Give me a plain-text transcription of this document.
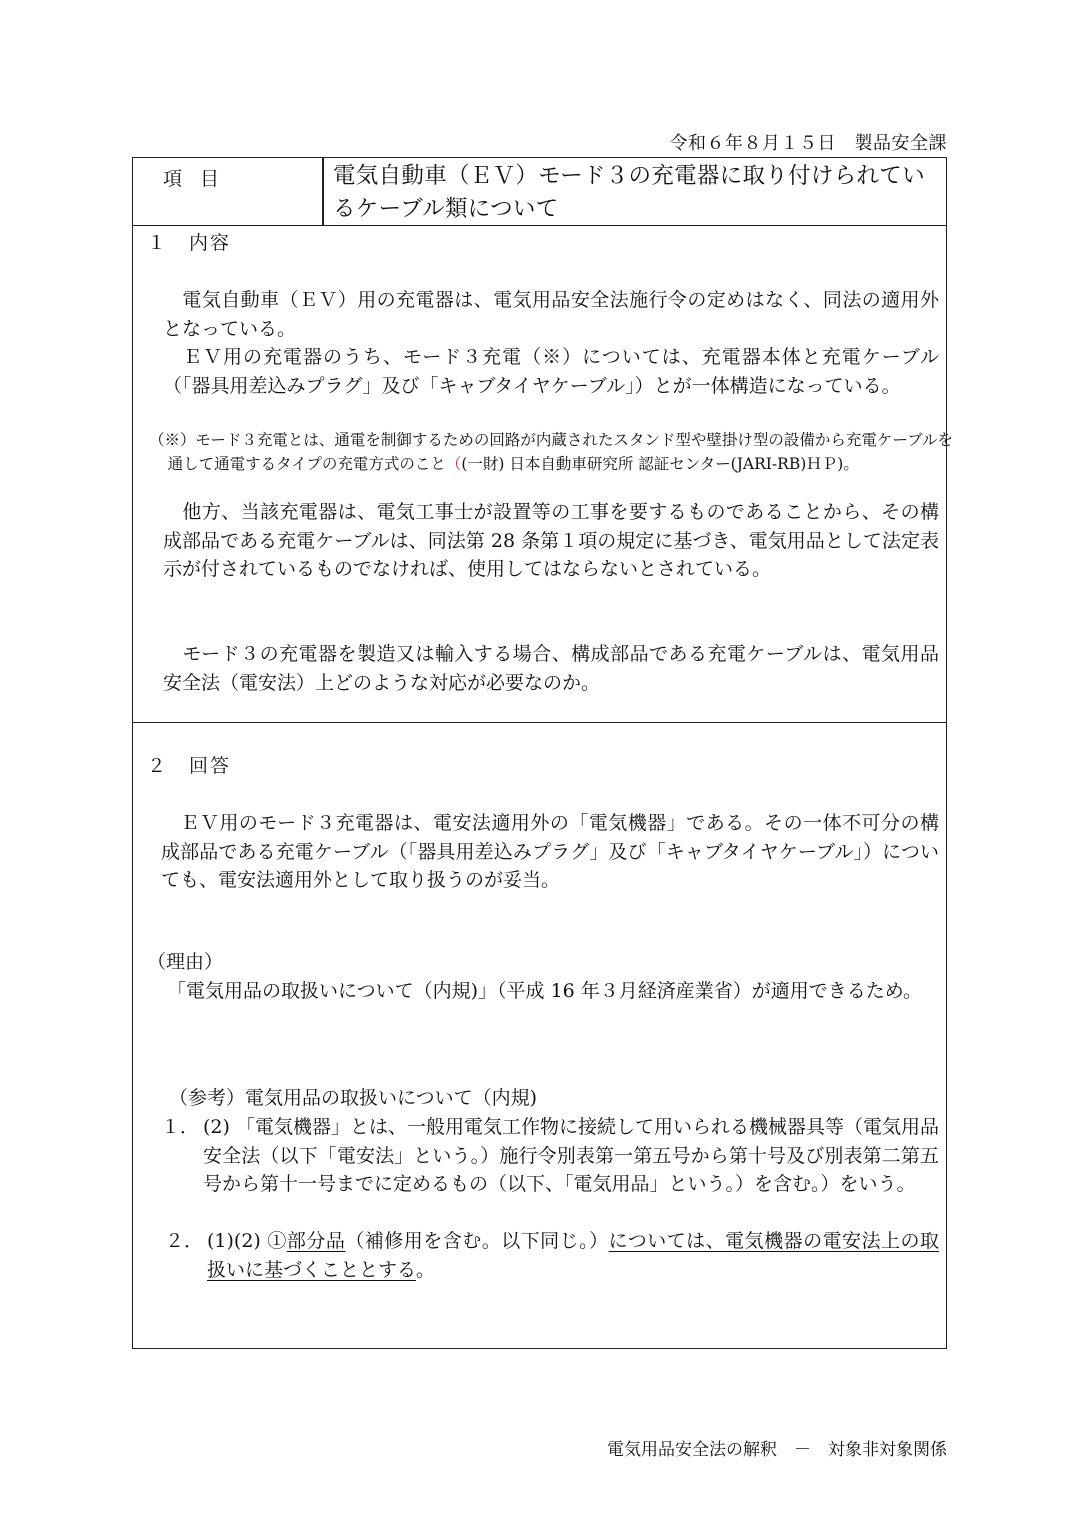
令和６年８月１５日　製品安全課
項目	電気自動車（ＥＶ）モード３の充電器に取り付けられているケーブル類について
１　内容
　電気自動車（ＥＶ）用の充電器は、電気用品安全法施行令の定めはなく、同法の適用外となっている。
　ＥＶ用の充電器のうち、モード３充電（※）については、充電器本体と充電ケーブル（「器具用差込みプラグ」及び「キャブタイヤケーブル」）とが一体構造になっている。
（※）モード３充電とは、通電を制御するための回路が内蔵されたスタンド型や壁掛け型の設備から充電ケーブルを通して通電するタイプの充電方式のこと（(一財) 日本自動車研究所 認証センター(JARI-RB)ＨＰ)。
　他方、当該充電器は、電気工事士が設置等の工事を要するものであることから、その構成部品である充電ケーブルは、同法第 28 条第１項の規定に基づき、電気用品として法定表示が付されているものでなければ、使用してはならないとされている。
　モード３の充電器を製造又は輸入する場合、構成部品である充電ケーブルは、電気用品安全法（電安法）上どのような対応が必要なのか。
２　回答
　ＥＶ用のモード３充電器は、電安法適用外の「電気機器」である。その一体不可分の構成部品である充電ケーブル（「器具用差込みプラグ」及び「キャブタイヤケーブル」）についても、電安法適用外として取り扱うのが妥当。
（理由）
「電気用品の取扱いについて（内規)」（平成 16 年３月経済産業省）が適用できるため。
（参考）電気用品の取扱いについて（内規)
１． (2) 「電気機器」とは、一般用電気工作物に接続して用いられる機械器具等（電気用品安全法（以下「電安法」という。）施行令別表第一第五号から第十号及び別表第二第五号から第十一号までに定めるもの（以下、「電気用品」という。）を含む。）をいう。
２． (1)(2) ①部分品（補修用を含む。以下同じ。）については、電気機器の電安法上の取扱いに基づくこととする。
電気用品安全法の解釈　－　対象非対象関係
